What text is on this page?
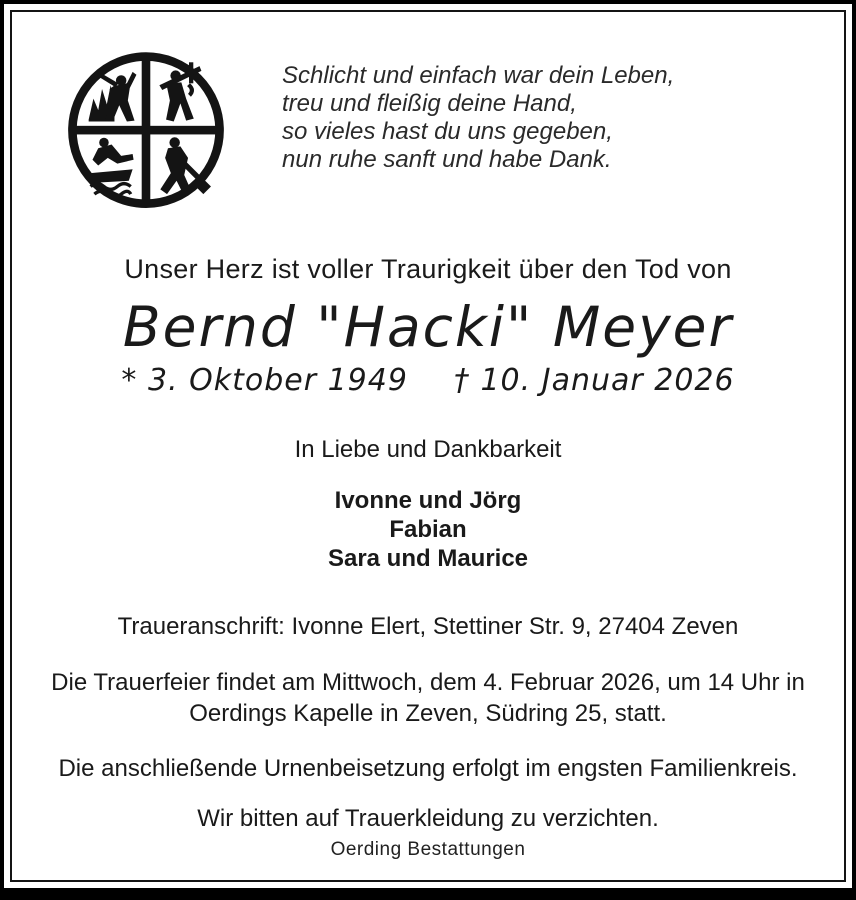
Schlicht und einfach war dein Leben,
treu und fleißig deine Hand,
so vieles hast du uns gegeben,
nun ruhe sanft und habe Dank.

Unser Herz ist voller Traurigkeit über den Tod von

Bernd "Hacki" Meyer

* 3. Oktober 1949 † 10. Januar 2026

In Liebe und Dankbarkeit

Ivonne und Jörg
Fabian
Sara und Maurice

Traueranschrift: Ivonne Elert, Stettiner Str. 9, 27404 Zeven

Die Trauerfeier findet am Mittwoch, dem 4. Februar 2026, um 14 Uhr in
Oerdings Kapelle in Zeven, Südring 25, statt.

Die anschließende Urnenbeisetzung erfolgt im engsten Familienkreis.

Wir bitten auf Trauerkleidung zu verzichten.

Oerding Bestattungen
